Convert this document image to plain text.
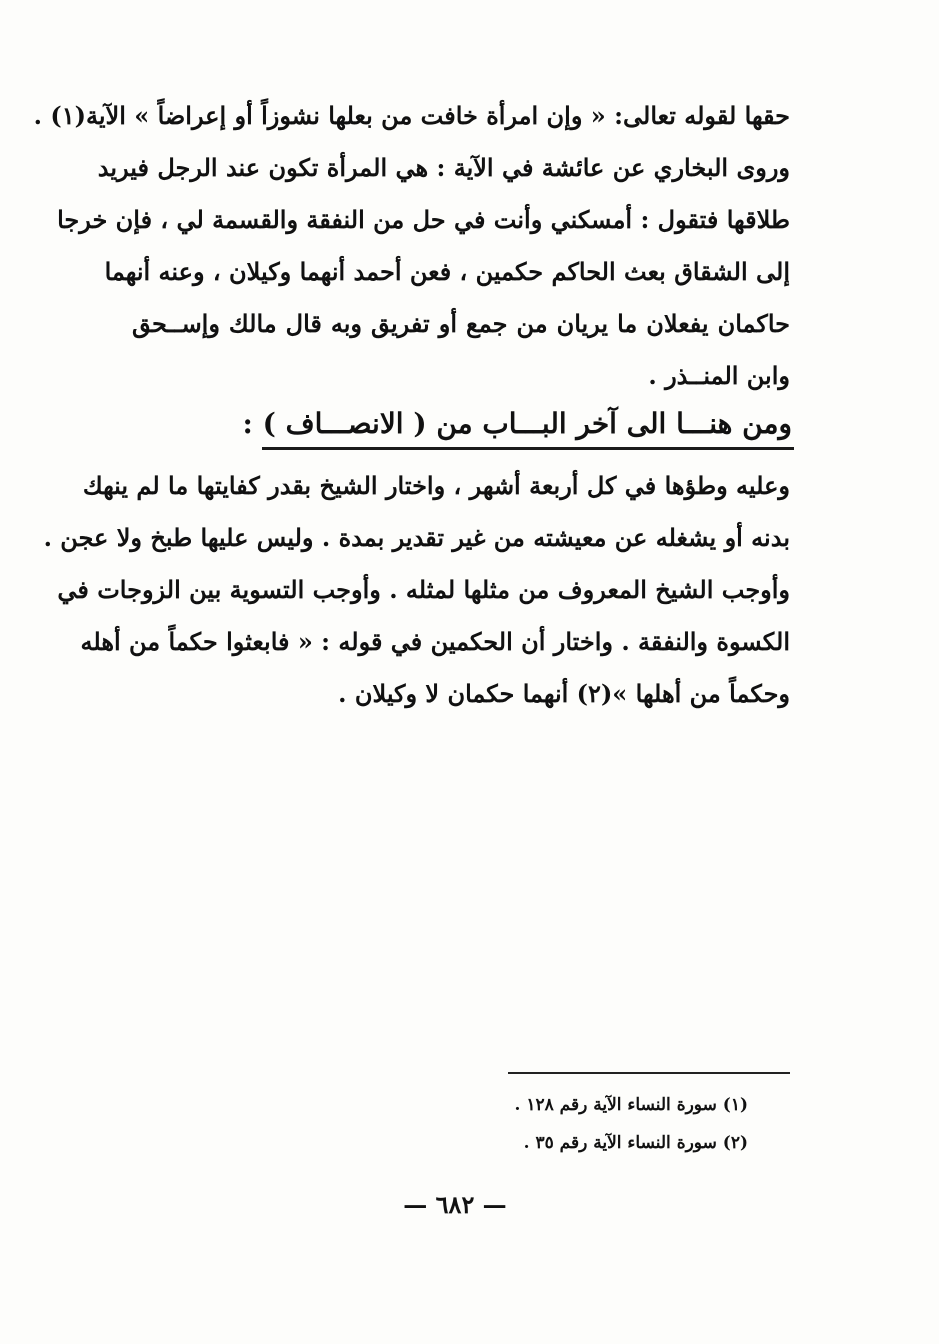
حقها لقوله تعالى: « وإن امرأة خافت من بعلها نشوزاً أو إعراضاً » الآية(١) .
وروى البخاري عن عائشة في الآية : هي المرأة تكون عند الرجل فيريد
طلاقها فتقول : أمسكني وأنت في حل من النفقة والقسمة لي ، فإن خرجا
إلى الشقاق بعث الحاكم حكمين ، فعن أحمد أنهما وكيلان ، وعنه أنهما
حاكمان يفعلان ما يريان من جمع أو تفريق وبه قال مالك وإســحق
وابن المنــذر .
ومن هنـــا الى آخر البـــاب من ( الانصـــاف ) :
وعليه وطؤها في كل أربعة أشهر ، واختار الشيخ بقدر كفايتها ما لم ينهك
بدنه أو يشغله عن معيشته من غير تقدير بمدة . وليس عليها طبخ ولا عجن .
وأوجب الشيخ المعروف من مثلها لمثله . وأوجب التسوية بين الزوجات في
الكسوة والنفقة . واختار أن الحكمين في قوله : « فابعثوا حكماً من أهله
وحكماً من أهلها »(٢) أنهما حكمان لا وكيلان .
(١) سورة النساء الآية رقم ١٢٨ .
(٢) سورة النساء الآية رقم ٣٥ .
— ٦٨٢ —
